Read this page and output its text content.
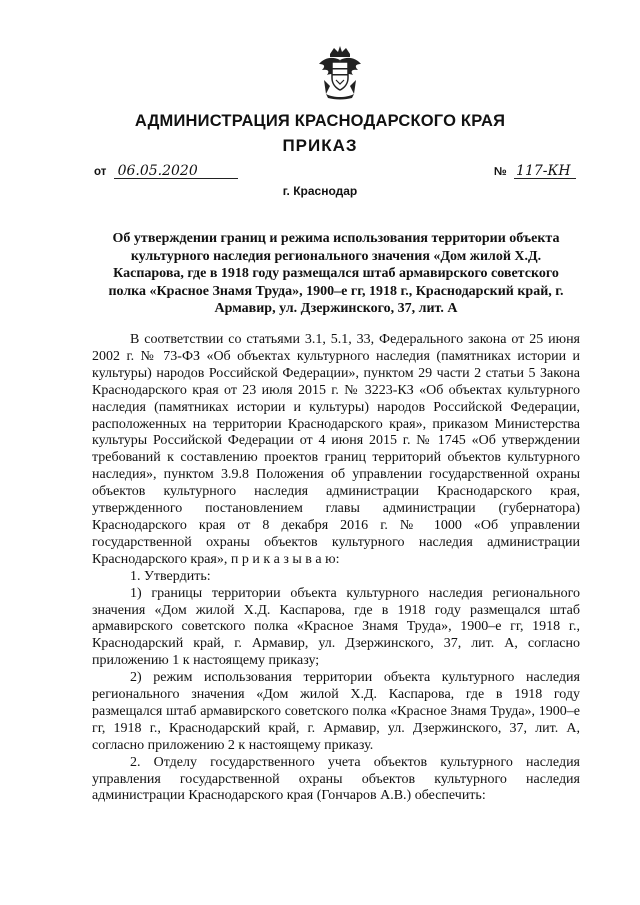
АДМИНИСТРАЦИЯ КРАСНОДАРСКОГО КРАЯ
ПРИКАЗ
от 06.05.2020	№ 117-КН
г. Краснодар
Об утверждении границ и режима использования территории объекта культурного наследия регионального значения «Дом жилой Х.Д. Каспарова, где в 1918 году размещался штаб армавирского советского полка «Красное Знамя Труда», 1900–е гг, 1918 г., Краснодарский край, г. Армавир, ул. Дзержинского, 37, лит. А

В соответствии со статьями 3.1, 5.1, 33, Федерального закона от 25 июня 2002 г. № 73-ФЗ «Об объектах культурного наследия (памятниках истории и культуры) народов Российской Федерации», пунктом 29 части 2 статьи 5 Закона Краснодарского края от 23 июля 2015 г. № 3223-КЗ «Об объектах культурного наследия (памятниках истории и культуры) народов Российской Федерации, расположенных на территории Краснодарского края», приказом Министерства культуры Российской Федерации от 4 июня 2015 г. № 1745 «Об утверждении требований к составлению проектов границ территорий объектов культурного наследия», пунктом 3.9.8 Положения об управлении государственной охраны объектов культурного наследия администрации Краснодарского края, утвержденного постановлением главы администрации (губернатора) Краснодарского края от 8 декабря 2016 г. № 1000 «Об управлении государственной охраны объектов культурного наследия администрации Краснодарского края», п р и к а з ы в а ю:

1. Утвердить:

1) границы территории объекта культурного наследия регионального значения «Дом жилой Х.Д. Каспарова, где в 1918 году размещался штаб армавирского советского полка «Красное Знамя Труда», 1900–е гг, 1918 г., Краснодарский край, г. Армавир, ул. Дзержинского, 37, лит. А, согласно приложению 1 к настоящему приказу;

2) режим использования территории объекта культурного наследия регионального значения «Дом жилой Х.Д. Каспарова, где в 1918 году размещался штаб армавирского советского полка «Красное Знамя Труда», 1900–е гг, 1918 г., Краснодарский край, г. Армавир, ул. Дзержинского, 37, лит. А, согласно приложению 2 к настоящему приказу.

2. Отделу государственного учета объектов культурного наследия управления государственной охраны объектов культурного наследия администрации Краснодарского края (Гончаров А.В.) обеспечить:
